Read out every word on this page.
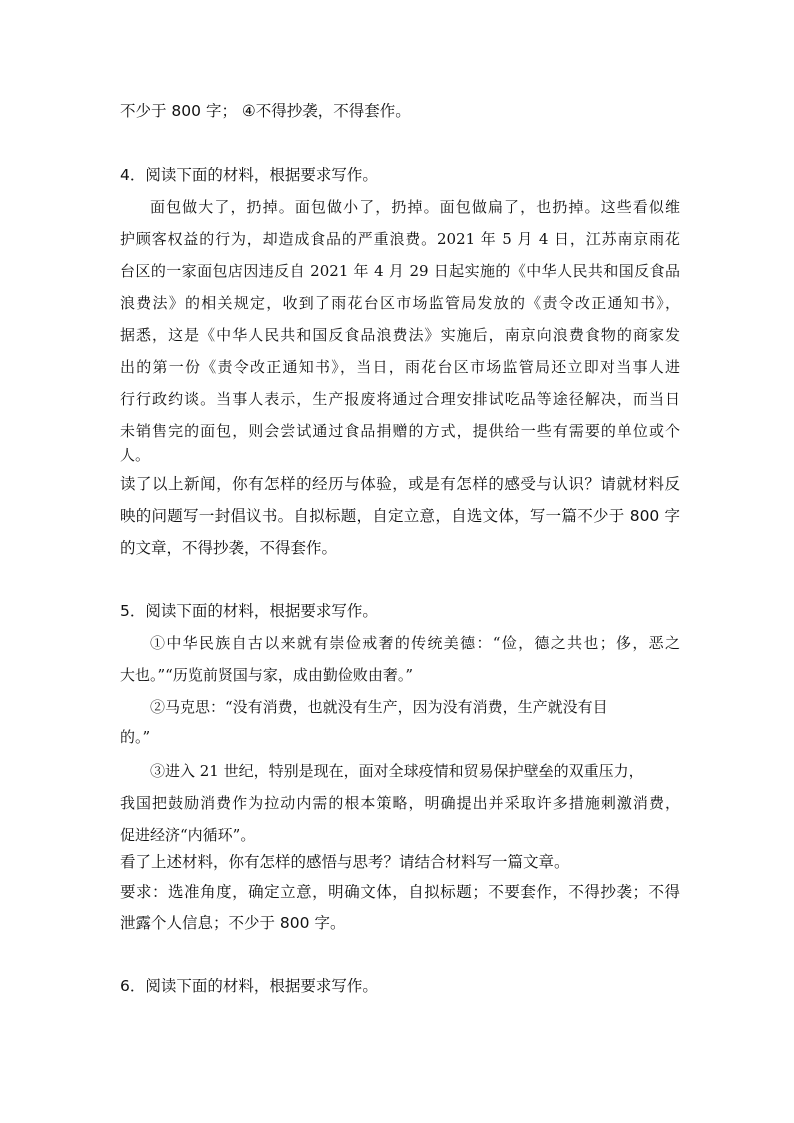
不少于 800 字； ④不得抄袭，不得套作。
4．阅读下面的材料，根据要求写作。
面包做大了，扔掉。面包做小了，扔掉。面包做扁了，也扔掉。这些看似维
护顾客权益的行为，却造成食品的严重浪费。2021 年 5 月 4 日，江苏南京雨花
台区的一家面包店因违反自 2021 年 4 月 29 日起实施的《中华人民共和国反食品
浪费法》的相关规定，收到了雨花台区市场监管局发放的《责令改正通知书》，
据悉，这是《中华人民共和国反食品浪费法》实施后，南京向浪费食物的商家发
出的第一份《责令改正通知书》，当日，雨花台区市场监管局还立即对当事人进
行行政约谈。当事人表示，生产报废将通过合理安排试吃品等途径解决，而当日
未销售完的面包，则会尝试通过食品捐赠的方式，提供给一些有需要的单位或个
人。
读了以上新闻，你有怎样的经历与体验，或是有怎样的感受与认识？请就材料反
映的问题写一封倡议书。自拟标题，自定立意，自选文体，写一篇不少于 800 字
的文章，不得抄袭，不得套作。
5．阅读下面的材料，根据要求写作。
①中华民族自古以来就有崇俭戒奢的传统美德：“俭，德之共也；侈，恶之
大也。”“历览前贤国与家，成由勤俭败由奢。”
②马克思：“没有消费，也就没有生产，因为没有消费，生产就没有目
的。”
③进入 21 世纪，特别是现在，面对全球疫情和贸易保护壁垒的双重压力，
我国把鼓励消费作为拉动内需的根本策略，明确提出并采取许多措施刺激消费，
促进经济“内循环”。
看了上述材料，你有怎样的感悟与思考？请结合材料写一篇文章。
要求：选准角度，确定立意，明确文体，自拟标题；不要套作，不得抄袭；不得
泄露个人信息；不少于 800 字。
6．阅读下面的材料，根据要求写作。
